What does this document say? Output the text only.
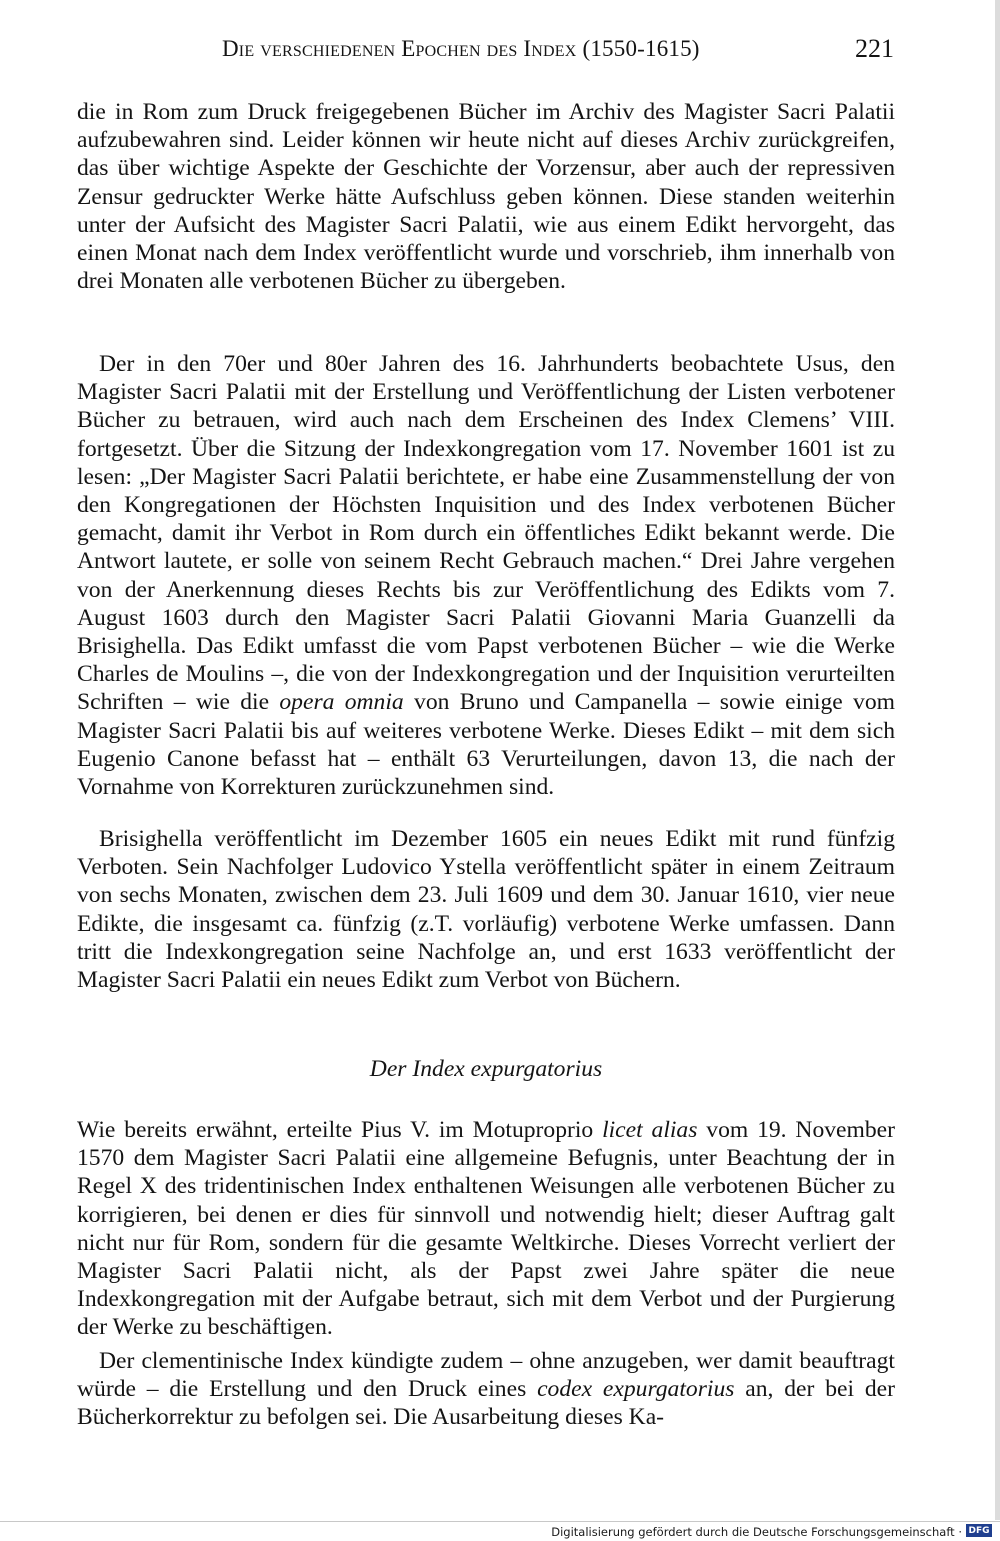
Die verschiedenen Epochen des Index (1550-1615)	221

die in Rom zum Druck freigegebenen Bücher im Archiv des Magister Sacri Palatii aufzubewahren sind. Leider können wir heute nicht auf dieses Archiv zurückgreifen, das über wichtige Aspekte der Geschichte der Vorzensur, aber auch der repressiven Zensur gedruckter Werke hätte Aufschluss geben können. Diese standen weiterhin unter der Aufsicht des Magister Sacri Palatii, wie aus einem Edikt hervorgeht, das einen Monat nach dem Index veröffentlicht wurde und vorschrieb, ihm innerhalb von drei Monaten alle verbotenen Bücher zu übergeben.

Der in den 70er und 80er Jahren des 16. Jahrhunderts beobachtete Usus, den Magister Sacri Palatii mit der Erstellung und Veröffentlichung der Listen verbotener Bücher zu betrauen, wird auch nach dem Erscheinen des Index Clemens’ VIII. fortgesetzt. Über die Sitzung der Indexkongregation vom 17. November 1601 ist zu lesen: „Der Magister Sacri Palatii berichtete, er habe eine Zusammenstellung der von den Kongregationen der Höchsten Inquisition und des Index verbotenen Bücher gemacht, damit ihr Verbot in Rom durch ein öffentliches Edikt bekannt werde. Die Antwort lautete, er solle von seinem Recht Gebrauch machen.“ Drei Jahre vergehen von der Anerkennung dieses Rechts bis zur Veröffentlichung des Edikts vom 7. August 1603 durch den Magister Sacri Palatii Giovanni Maria Guanzelli da Brisighella. Das Edikt umfasst die vom Papst verbotenen Bücher – wie die Werke Charles de Moulins –, die von der Indexkongregation und der Inquisition verurteilten Schriften – wie die opera omnia von Bruno und Campanella – sowie einige vom Magister Sacri Palatii bis auf weiteres verbotene Werke. Dieses Edikt – mit dem sich Eugenio Canone befasst hat – enthält 63 Verurteilungen, davon 13, die nach der Vornahme von Korrekturen zurückzunehmen sind.

Brisighella veröffentlicht im Dezember 1605 ein neues Edikt mit rund fünfzig Verboten. Sein Nachfolger Ludovico Ystella veröffentlicht später in einem Zeitraum von sechs Monaten, zwischen dem 23. Juli 1609 und dem 30. Januar 1610, vier neue Edikte, die insgesamt ca. fünfzig (z.T. vorläufig) verbotene Werke umfassen. Dann tritt die Indexkongregation seine Nachfolge an, und erst 1633 veröffentlicht der Magister Sacri Palatii ein neues Edikt zum Verbot von Büchern.

Der Index expurgatorius

Wie bereits erwähnt, erteilte Pius V. im Motuproprio licet alias vom 19. November 1570 dem Magister Sacri Palatii eine allgemeine Befugnis, unter Beachtung der in Regel X des tridentinischen Index enthaltenen Weisungen alle verbotenen Bücher zu korrigieren, bei denen er dies für sinnvoll und notwendig hielt; dieser Auftrag galt nicht nur für Rom, sondern für die gesamte Weltkirche. Dieses Vorrecht verliert der Magister Sacri Palatii nicht, als der Papst zwei Jahre später die neue Indexkongregation mit der Aufgabe betraut, sich mit dem Verbot und der Purgierung der Werke zu beschäftigen.

Der clementinische Index kündigte zudem – ohne anzugeben, wer damit beauftragt würde – die Erstellung und den Druck eines codex expurgatorius an, der bei der Bücherkorrektur zu befolgen sei. Die Ausarbeitung dieses Ka-

Digitalisierung gefördert durch die Deutsche Forschungsgemeinschaft · DFG
